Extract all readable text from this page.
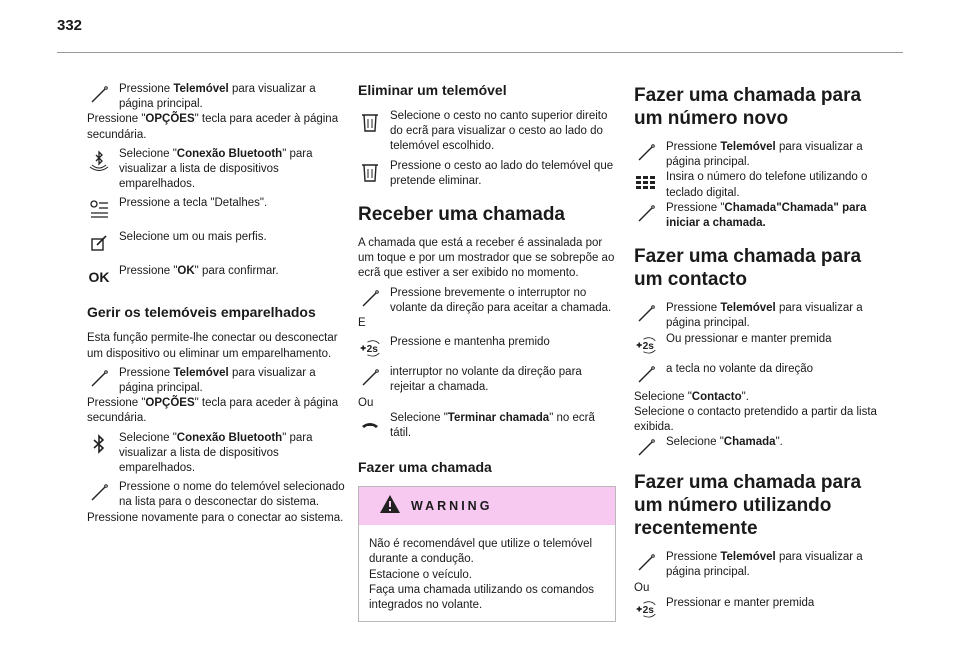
332
Pressione Telemóvel para visualizar a página principal.

Pressione "OPÇÕES" tecla para aceder à página secundária.

Selecione "Conexão Bluetooth" para visualizar a lista de dispositivos emparelhados.
Pressione a tecla "Detalhes".
Selecione um ou mais perfis.
OK Pressione "OK" para confirmar.
Gerir os telemóveis emparelhados

Esta função permite-lhe conectar ou desconectar um dispositivo ou eliminar um emparelhamento.

Pressione Telemóvel para visualizar a página principal.

Pressione "OPÇÕES" tecla para aceder à página secundária.

Selecione "Conexão Bluetooth" para visualizar a lista de dispositivos emparelhados.
Pressione o nome do telemóvel selecionado na lista para o desconectar do sistema.

Pressione novamente para o conectar ao sistema.

Eliminar um telemóvel
Selecione o cesto no canto superior direito do ecrã para visualizar o cesto ao lado do telemóvel escolhido.
Pressione o cesto ao lado do telemóvel que pretende eliminar.
Receber uma chamada

A chamada que está a receber é assinalada por um toque e por um mostrador que se sobrepõe ao ecrã que estiver a ser exibido no momento.

Pressione brevemente o interruptor no volante da direção para aceitar a chamada.

E

2s
Pressione e mantenha premido
interruptor no volante da direção para rejeitar a chamada.

Ou

Selecione "Terminar chamada" no ecrã tátil.
Fazer uma chamada
WARNING

Não é recomendável que utilize o telemóvel durante a condução.

Estacione o veículo.

Faça uma chamada utilizando os comandos integrados no volante.

Fazer uma chamada para um número novo
Pressione Telemóvel para visualizar a página principal.
Insira o número do telefone utilizando o teclado digital.
Pressione "Chamada"Chamada" para iniciar a chamada.
Fazer uma chamada para um contacto
Pressione Telemóvel para visualizar a página principal.
2s
Ou pressionar e manter premida
a tecla no volante da direção

Selecione "Contacto".

Selecione o contacto pretendido a partir da lista exibida.

Selecione "Chamada".
Fazer uma chamada para um número utilizando recentemente
Pressione Telemóvel para visualizar a página principal.

Ou

2s
Pressionar e manter premida
